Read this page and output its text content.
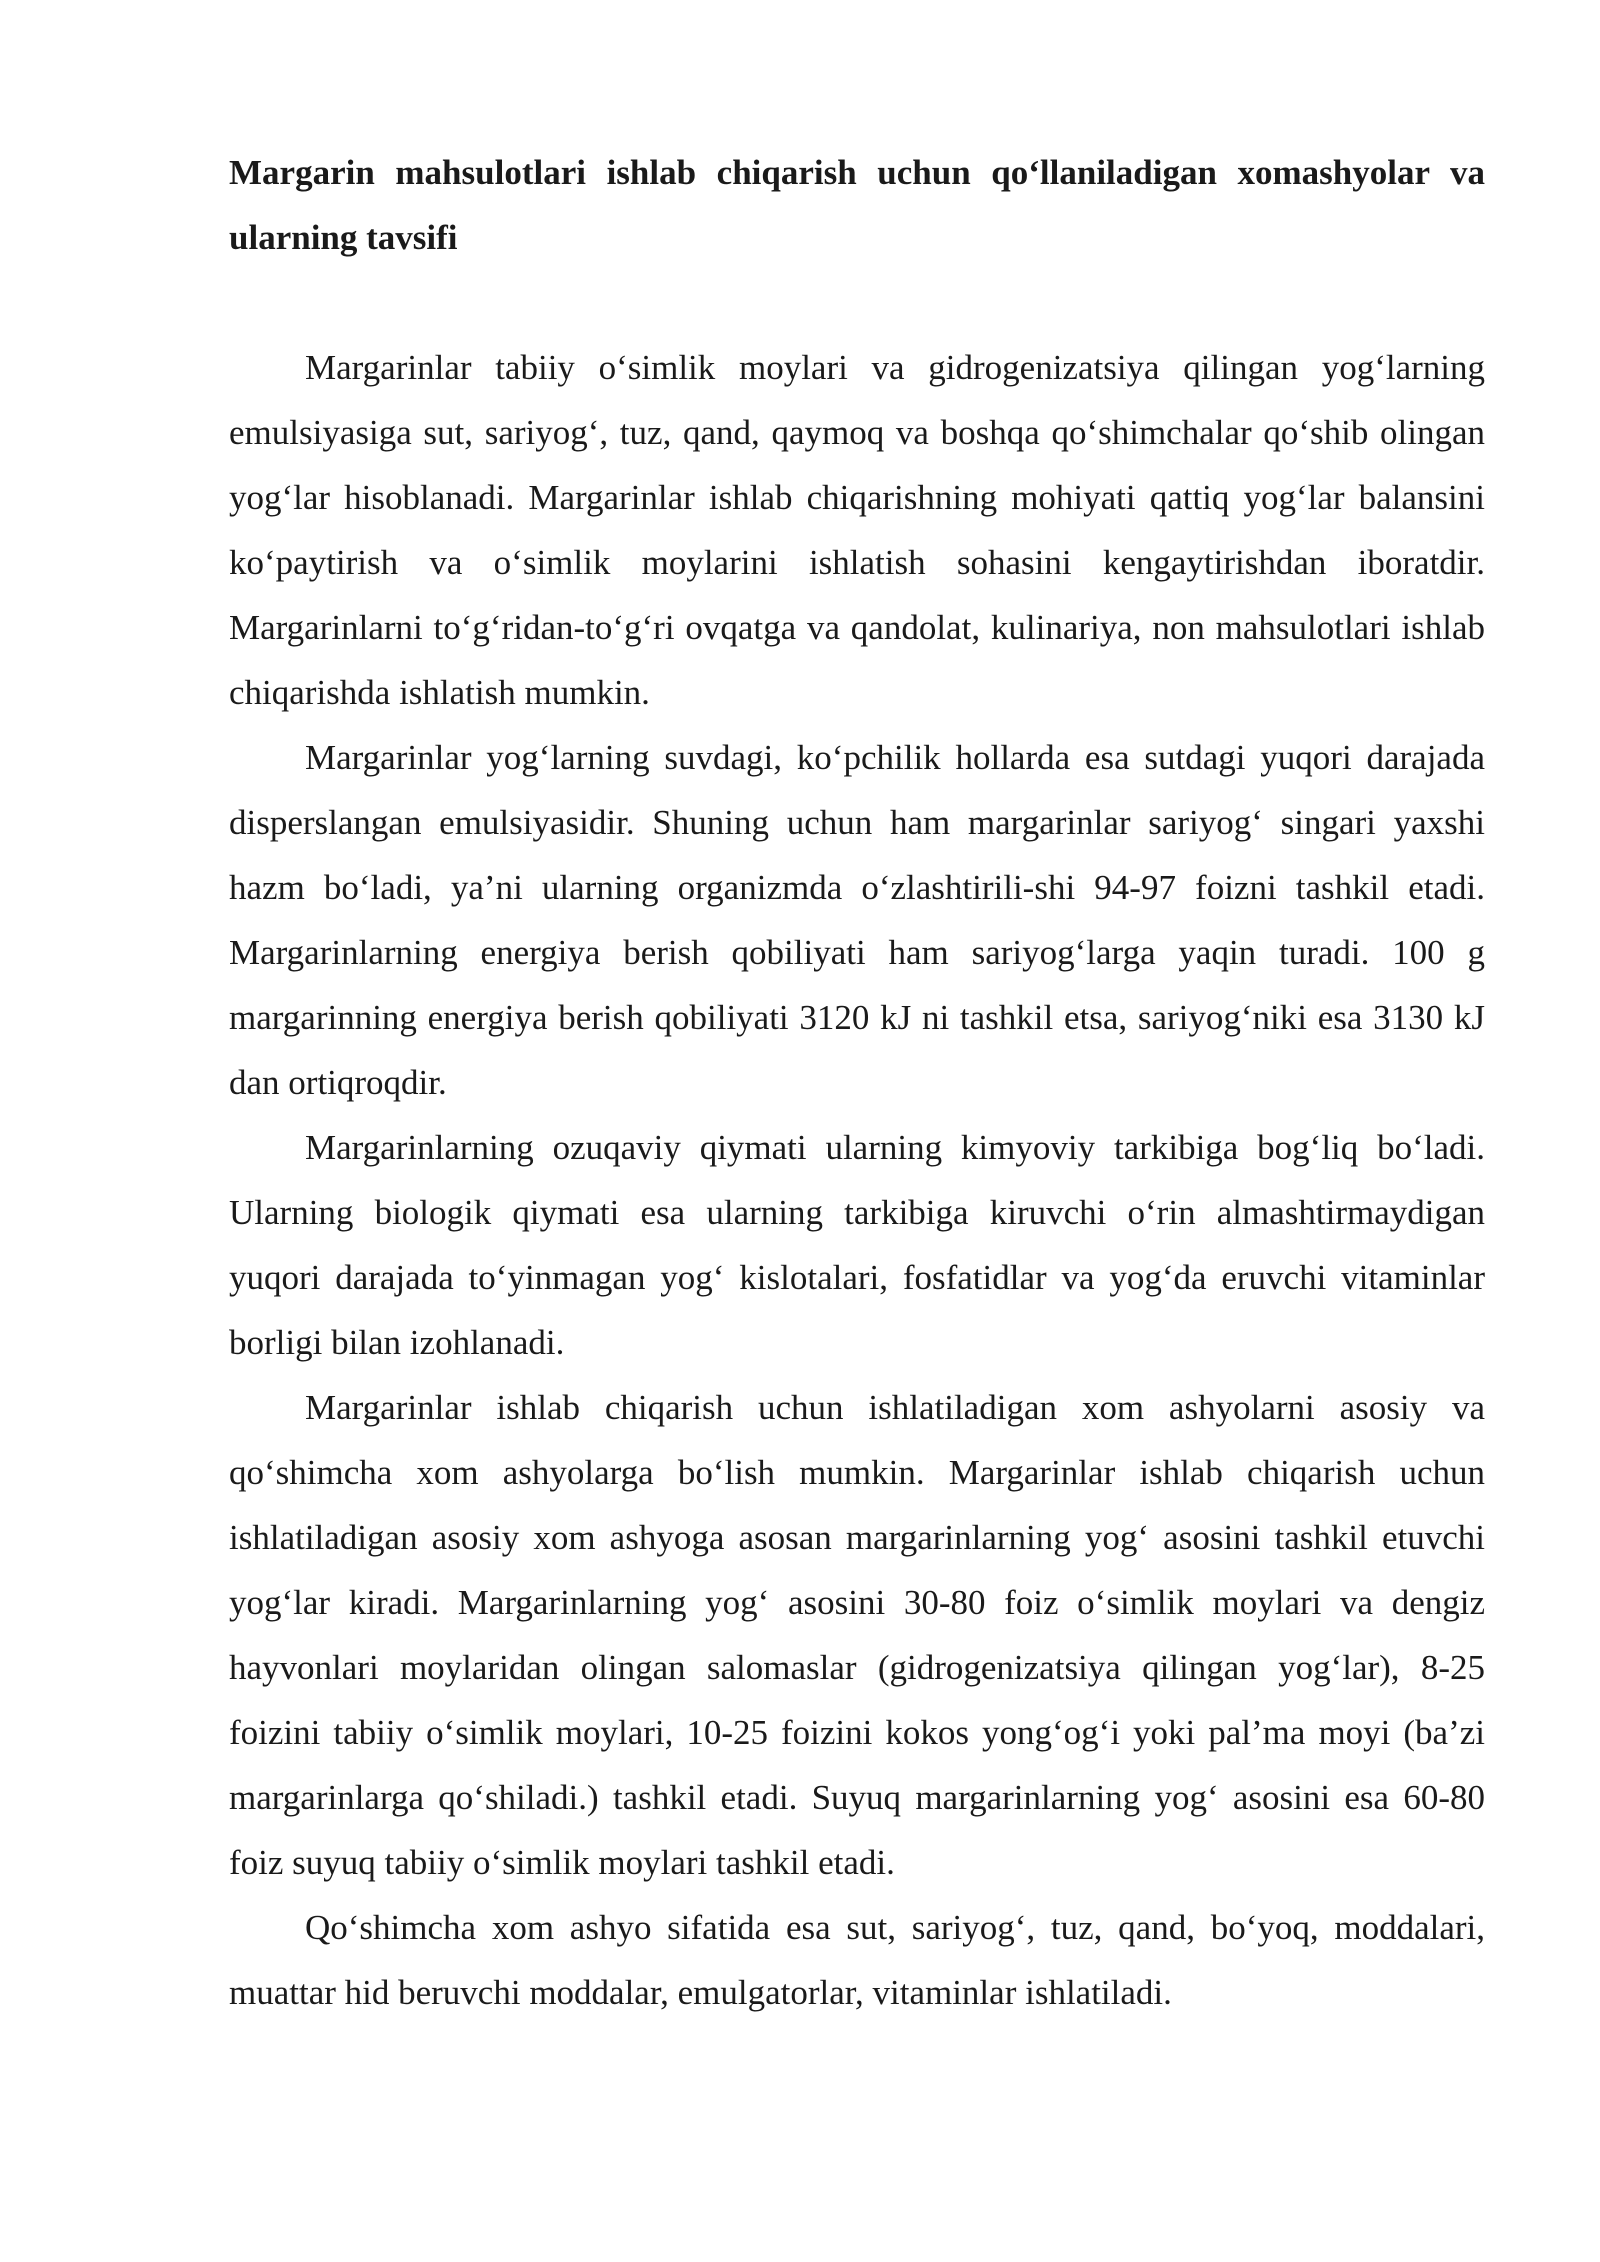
Margarin mahsulotlari ishlab chiqarish uchun qo‘llaniladigan xomashyolar va ularning tavsifi

Margarinlar tabiiy o‘simlik moylari va gidrogenizatsiya qilingan yog‘larning emulsiyasiga sut, sariyog‘, tuz, qand, qaymoq va boshqa qo‘shimchalar qo‘shib olingan yog‘lar hisoblanadi. Margarinlar ishlab chiqarishning mohiyati qattiq yog‘lar balansini ko‘paytirish va o‘simlik moylarini ishlatish sohasini kengaytirishdan iboratdir. Margarinlarni to‘g‘ridan-to‘g‘ri ovqatga va qandolat, kulinariya, non mahsulotlari ishlab chiqarishda ishlatish mumkin.

Margarinlar yog‘larning suvdagi, ko‘pchilik hollarda esa sutdagi yuqori darajada disperslangan emulsiyasidir. Shuning uchun ham margarinlar sariyog‘ singari yaxshi hazm bo‘ladi, ya’ni ularning organizmda o‘zlashtirili-shi 94-97 foizni tashkil etadi. Margarinlarning energiya berish qobiliyati ham sariyog‘larga yaqin turadi. 100 g margarinning energiya berish qobiliyati 3120 kJ ni tashkil etsa, sariyog‘niki esa 3130 kJ dan ortiqroqdir.

Margarinlarning ozuqaviy qiymati ularning kimyoviy tarkibiga bog‘liq bo‘ladi. Ularning biologik qiymati esa ularning tarkibiga kiruvchi o‘rin almashtirmaydigan yuqori darajada to‘yinmagan yog‘ kislotalari, fosfatidlar va yog‘da eruvchi vitaminlar borligi bilan izohlanadi.

Margarinlar ishlab chiqarish uchun ishlatiladigan xom ashyolarni asosiy va qo‘shimcha xom ashyolarga bo‘lish mumkin. Margarinlar ishlab chiqarish uchun ishlatiladigan asosiy xom ashyoga asosan margarinlarning yog‘ asosini tashkil etuvchi yog‘lar kiradi. Margarinlarning yog‘ asosini 30-80 foiz o‘simlik moylari va dengiz hayvonlari moylaridan olingan salomaslar (gidrogenizatsiya qilingan yog‘lar), 8-25 foizini tabiiy o‘simlik moylari, 10-25 foizini kokos yong‘og‘i yoki pal’ma moyi (ba’zi margarinlarga qo‘shiladi.) tashkil etadi. Suyuq margarinlarning yog‘ asosini esa 60-80 foiz suyuq tabiiy o‘simlik moylari tashkil etadi.

Qo‘shimcha xom ashyo sifatida esa sut, sariyog‘, tuz, qand, bo‘yoq, moddalari, muattar hid beruvchi moddalar, emulgatorlar, vitaminlar ishlatiladi.
